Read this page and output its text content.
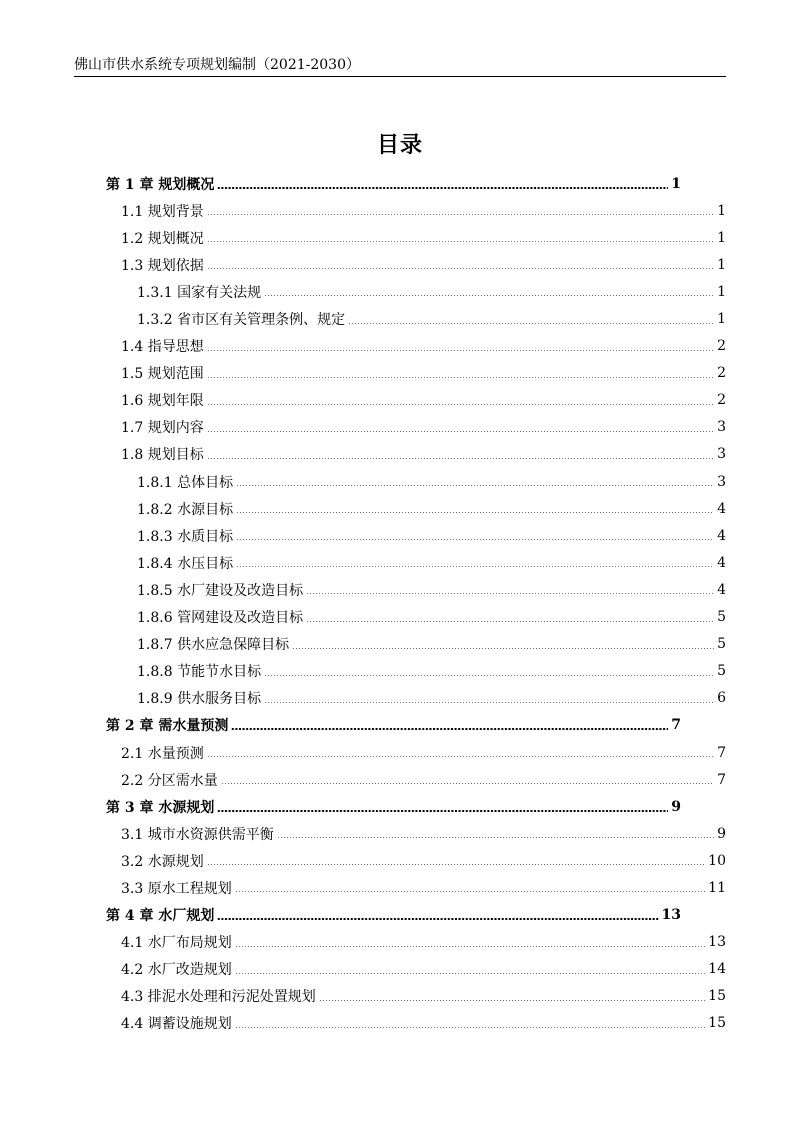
佛山市供水系统专项规划编制（2021-2030）
目录
第 1 章 规划概况	1
1.1 规划背景	1
1.2 规划概况	1
1.3 规划依据	1
1.3.1 国家有关法规	1
1.3.2 省市区有关管理条例、规定	1
1.4 指导思想	2
1.5 规划范围	2
1.6 规划年限	2
1.7 规划内容	3
1.8 规划目标	3
1.8.1 总体目标	3
1.8.2 水源目标	4
1.8.3 水质目标	4
1.8.4 水压目标	4
1.8.5 水厂建设及改造目标	4
1.8.6 管网建设及改造目标	5
1.8.7 供水应急保障目标	5
1.8.8 节能节水目标	5
1.8.9 供水服务目标	6
第 2 章 需水量预测	7
2.1 水量预测	7
2.2 分区需水量	7
第 3 章 水源规划	9
3.1 城市水资源供需平衡	9
3.2 水源规划	10
3.3 原水工程规划	11
第 4 章 水厂规划	13
4.1 水厂布局规划	13
4.2 水厂改造规划	14
4.3 排泥水处理和污泥处置规划	15
4.4 调蓄设施规划	15
